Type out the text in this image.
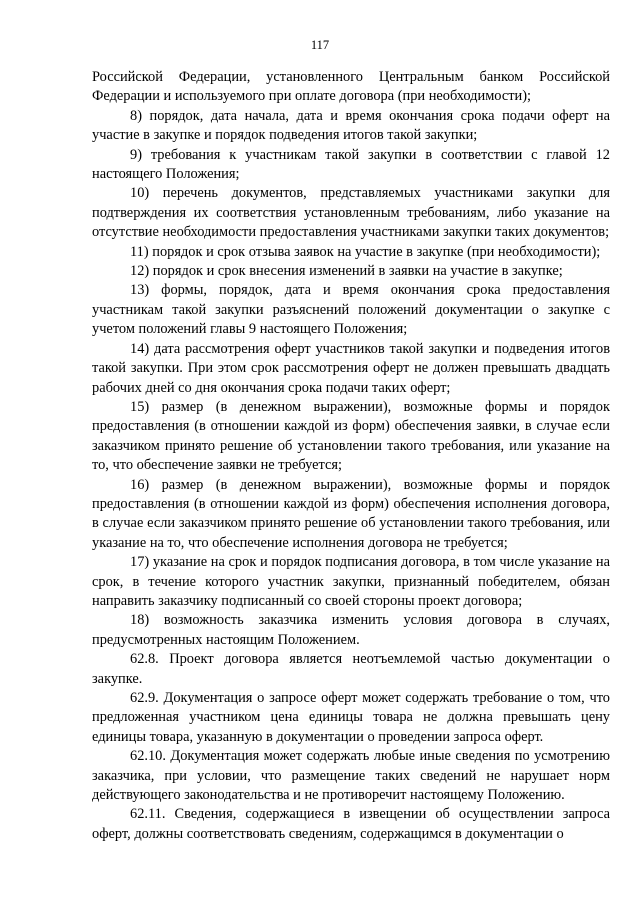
117

Российской Федерации, установленного Центральным банком Российской Федерации и используемого при оплате договора (при необходимости);

8) порядок, дата начала, дата и время окончания срока подачи оферт на участие в закупке и порядок подведения итогов такой закупки;

9) требования к участникам такой закупки в соответствии с главой 12 настоящего Положения;

10) перечень документов, представляемых участниками закупки для подтверждения их соответствия установленным требованиям, либо указание на отсутствие необходимости предоставления участниками закупки таких документов;

11) порядок и срок отзыва заявок на участие в закупке (при необходимости);

12) порядок и срок внесения изменений в заявки на участие в закупке;

13) формы, порядок, дата и время окончания срока предоставления участникам такой закупки разъяснений положений документации о закупке с учетом положений главы 9 настоящего Положения;

14) дата рассмотрения оферт участников такой закупки и подведения итогов такой закупки. При этом срок рассмотрения оферт не должен превышать двадцать рабочих дней со дня окончания срока подачи таких оферт;

15) размер (в денежном выражении), возможные формы и порядок предоставления (в отношении каждой из форм) обеспечения заявки, в случае если заказчиком принято решение об установлении такого требования, или указание на то, что обеспечение заявки не требуется;

16) размер (в денежном выражении), возможные формы и порядок предоставления (в отношении каждой из форм) обеспечения исполнения договора, в случае если заказчиком принято решение об установлении такого требования, или указание на то, что обеспечение исполнения договора не требуется;

17) указание на срок и порядок подписания договора, в том числе указание на срок, в течение которого участник закупки, признанный победителем, обязан направить заказчику подписанный со своей стороны проект договора;

18) возможность заказчика изменить условия договора в случаях, предусмотренных настоящим Положением.

62.8. Проект договора является неотъемлемой частью документации о закупке.

62.9. Документация о запросе оферт может содержать требование о том, что предложенная участником цена единицы товара не должна превышать цену единицы товара, указанную в документации о проведении запроса оферт.

62.10. Документация может содержать любые иные сведения по усмотрению заказчика, при условии, что размещение таких сведений не нарушает норм действующего законодательства и не противоречит настоящему Положению.

62.11. Сведения, содержащиеся в извещении об осуществлении запроса оферт, должны соответствовать сведениям, содержащимся в документации о
